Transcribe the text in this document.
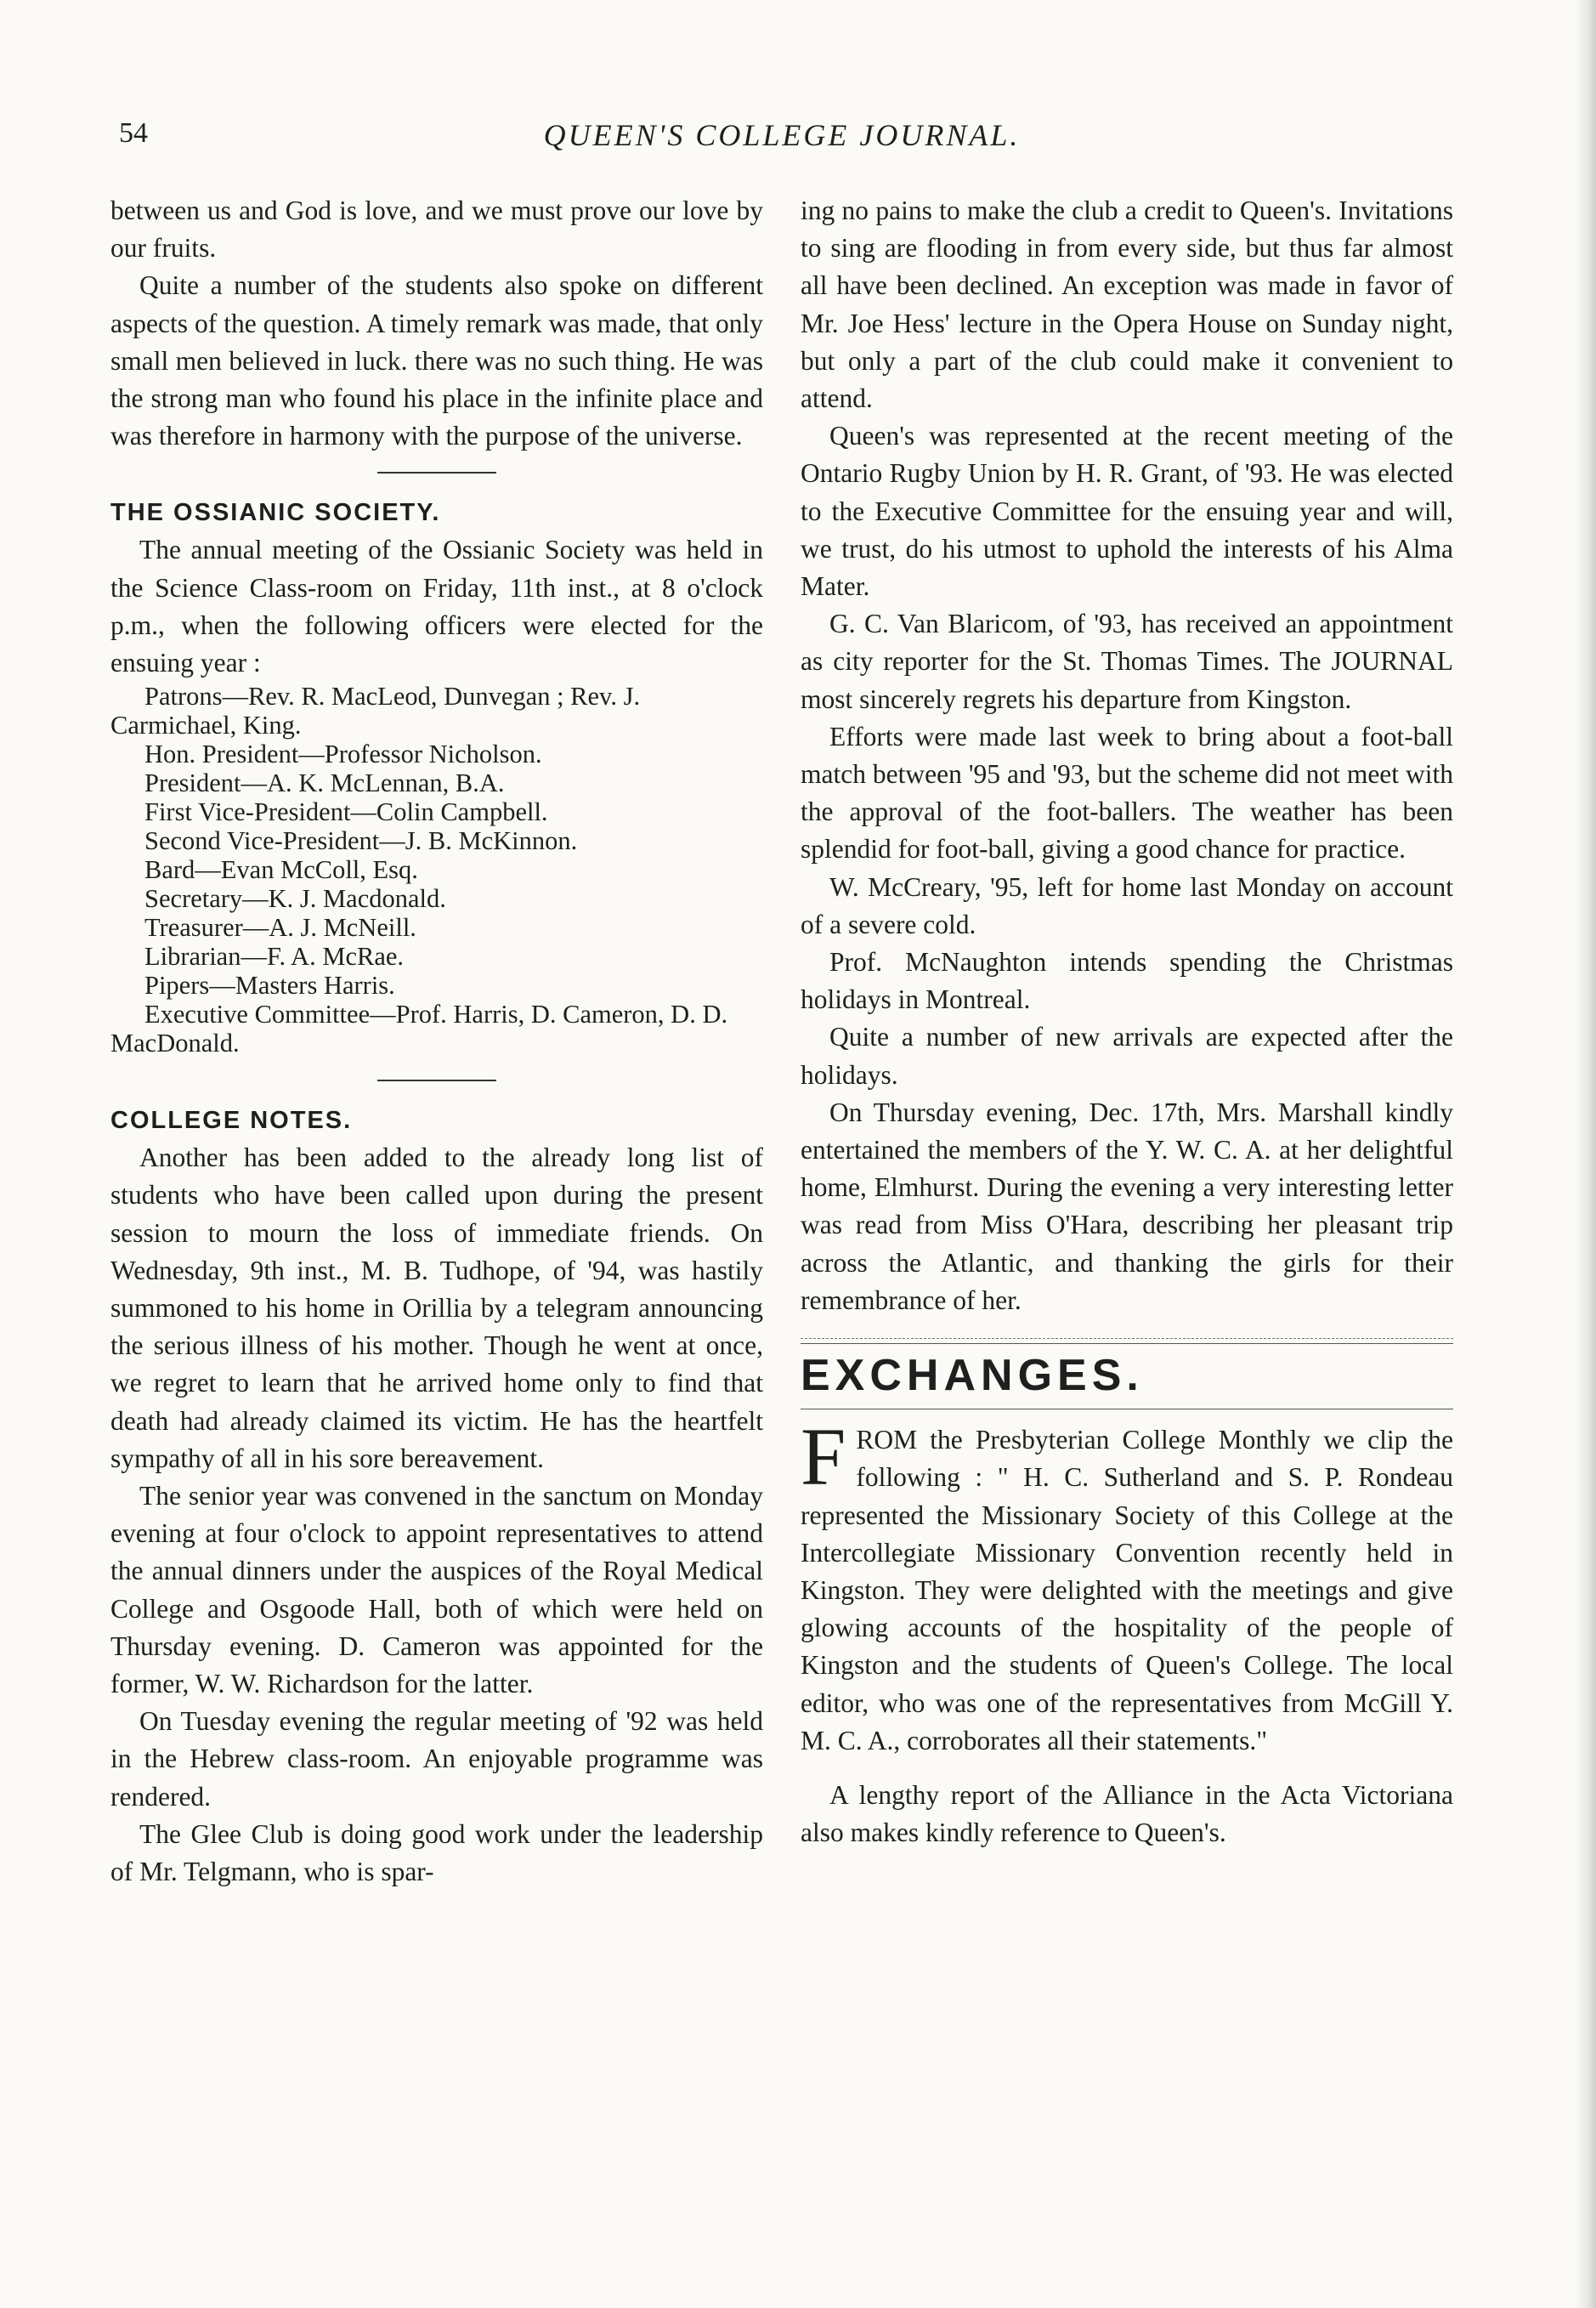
54	QUEEN'S COLLEGE JOURNAL.

between us and God is love, and we must prove our love by our fruits.

Quite a number of the students also spoke on different aspects of the question. A timely remark was made, that only small men believed in luck. there was no such thing. He was the strong man who found his place in the infinite place and was therefore in harmony with the purpose of the universe.

THE OSSIANIC SOCIETY.

The annual meeting of the Ossianic Society was held in the Science Class-room on Friday, 11th inst., at 8 o'clock p.m., when the following officers were elected for the ensuing year :

Patrons—Rev. R. MacLeod, Dunvegan ; Rev. J. Carmichael, King.
Hon. President—Professor Nicholson.
President—A. K. McLennan, B.A.
First Vice-President—Colin Campbell.
Second Vice-President—J. B. McKinnon.
Bard—Evan McColl, Esq.
Secretary—K. J. Macdonald.
Treasurer—A. J. McNeill.
Librarian—F. A. McRae.
Pipers—Masters Harris.
Executive Committee—Prof. Harris, D. Cameron, D. D. MacDonald.

COLLEGE NOTES.

Another has been added to the already long list of students who have been called upon during the present session to mourn the loss of immediate friends. On Wednesday, 9th inst., M. B. Tudhope, of '94, was hastily summoned to his home in Orillia by a telegram announcing the serious illness of his mother. Though he went at once, we regret to learn that he arrived home only to find that death had already claimed its victim. He has the heartfelt sympathy of all in his sore bereavement.

The senior year was convened in the sanctum on Monday evening at four o'clock to appoint representatives to attend the annual dinners under the auspices of the Royal Medical College and Osgoode Hall, both of which were held on Thursday evening. D. Cameron was appointed for the former, W. W. Richardson for the latter.

On Tuesday evening the regular meeting of '92 was held in the Hebrew class-room. An enjoyable programme was rendered.

The Glee Club is doing good work under the leadership of Mr. Telgmann, who is spar-

ing no pains to make the club a credit to Queen's. Invitations to sing are flooding in from every side, but thus far almost all have been declined. An exception was made in favor of Mr. Joe Hess' lecture in the Opera House on Sunday night, but only a part of the club could make it convenient to attend.

Queen's was represented at the recent meeting of the Ontario Rugby Union by H. R. Grant, of '93. He was elected to the Executive Committee for the ensuing year and will, we trust, do his utmost to uphold the interests of his Alma Mater.

G. C. Van Blaricom, of '93, has received an appointment as city reporter for the St. Thomas Times. The JOURNAL most sincerely regrets his departure from Kingston.

Efforts were made last week to bring about a foot-ball match between '95 and '93, but the scheme did not meet with the approval of the foot-ballers. The weather has been splendid for foot-ball, giving a good chance for practice.

W. McCreary, '95, left for home last Monday on account of a severe cold.

Prof. McNaughton intends spending the Christmas holidays in Montreal.

Quite a number of new arrivals are expected after the holidays.

On Thursday evening, Dec. 17th, Mrs. Marshall kindly entertained the members of the Y. W. C. A. at her delightful home, Elmhurst. During the evening a very interesting letter was read from Miss O'Hara, describing her pleasant trip across the Atlantic, and thanking the girls for their remembrance of her.

EXCHANGES.

F ROM the Presbyterian College Monthly we clip the following : " H. C. Sutherland and S. P. Rondeau represented the Missionary Society of this College at the Intercollegiate Missionary Convention recently held in Kingston. They were delighted with the meetings and give glowing accounts of the hospitality of the people of Kingston and the students of Queen's College. The local editor, who was one of the representatives from McGill Y. M. C. A., corroborates all their statements."

A lengthy report of the Alliance in the Acta Victoriana also makes kindly reference to Queen's.
